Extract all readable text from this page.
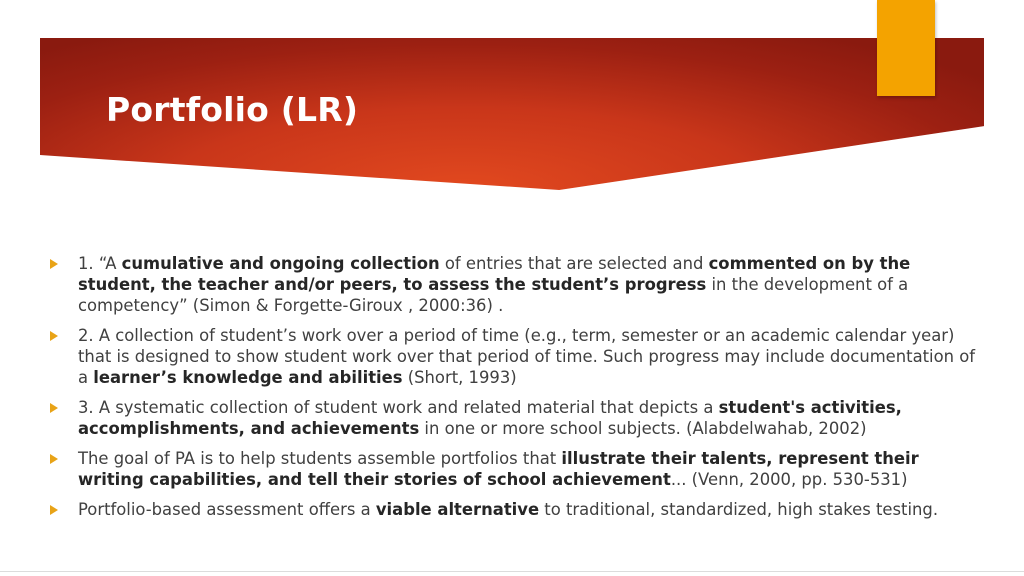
Portfolio (LR)
1. “A cumulative and ongoing collection of entries that are selected and commented on by the student, the teacher and/or peers, to assess the student’s progress in the development of a competency” (Simon & Forgette-Giroux , 2000:36) .
2. A collection of student’s work over a period of time (e.g., term, semester or an academic calendar year) that is designed to show student work over that period of time. Such progress may include documentation of a learner’s knowledge and abilities (Short, 1993)
3. A systematic collection of student work and related material that depicts a student's activities, accomplishments, and achievements in one or more school subjects. (Alabdelwahab, 2002)
The goal of PA is to help students assemble portfolios that illustrate their talents, represent their writing capabilities, and tell their stories of school achievement... (Venn, 2000, pp. 530-531)
Portfolio-based assessment offers a viable alternative to traditional, standardized, high stakes testing.
